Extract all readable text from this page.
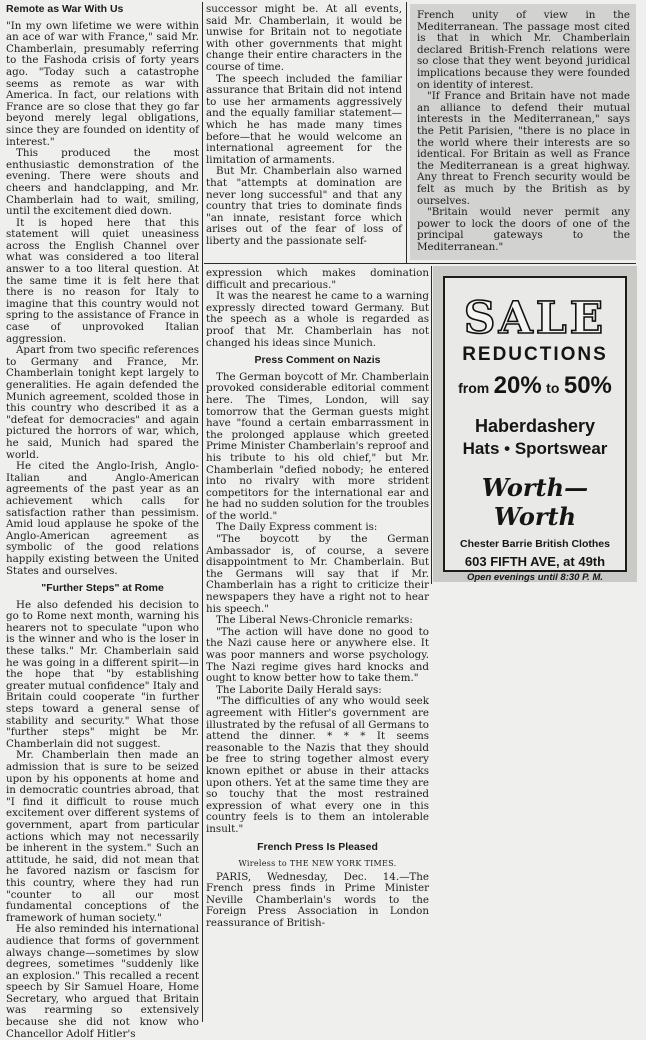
Remote as War With Us

"In my own lifetime we were within an ace of war with France," said Mr. Chamberlain, presumably referring to the Fashoda crisis of forty years ago. "Today such a catastrophe seems as remote as war with America. In fact, our relations with France are so close that they go far beyond merely legal obligations, since they are founded on identity of interest."

This produced the most enthusiastic demonstration of the evening. There were shouts and cheers and handclapping, and Mr. Chamberlain had to wait, smiling, until the excitement died down.

It is hoped here that this statement will quiet uneasiness across the English Channel over what was considered a too literal answer to a too literal question. At the same time it is felt here that there is no reason for Italy to imagine that this country would not spring to the assistance of France in case of unprovoked Italian aggression.

Apart from two specific references to Germany and France, Mr. Chamberlain tonight kept largely to generalities. He again defended the Munich agreement, scolded those in this country who described it as a "defeat for democracies" and again pictured the horrors of war, which, he said, Munich had spared the world.

He cited the Anglo-Irish, Anglo-Italian and Anglo-American agreements of the past year as an achievement which calls for satisfaction rather than pessimism. Amid loud applause he spoke of the Anglo-American agreement as symbolic of the good relations happily existing between the United States and ourselves.

"Further Steps" at Rome

He also defended his decision to go to Rome next month, warning his hearers not to speculate "upon who is the winner and who is the loser in these talks." Mr. Chamberlain said he was going in a different spirit—in the hope that "by establishing greater mutual confidence" Italy and Britain could cooperate "in further steps toward a general sense of stability and security." What those "further steps" might be Mr. Chamberlain did not suggest.

Mr. Chamberlain then made an admission that is sure to be seized upon by his opponents at home and in democratic countries abroad, that "I find it difficult to rouse much excitement over different systems of government, apart from particular actions which may not necessarily be inherent in the system." Such an attitude, he said, did not mean that he favored nazism or fascism for this country, where they had run "counter to all our most fundamental conceptions of the framework of human society."

He also reminded his international audience that forms of government always change—sometimes by slow degrees, sometimes "suddenly like an explosion." This recalled a recent speech by Sir Samuel Hoare, Home Secretary, who argued that Britain was rearming so extensively because she did not know who Chancellor Adolf Hitler's

successor might be. At all events, said Mr. Chamberlain, it would be unwise for Britain not to negotiate with other governments that might change their entire characters in the course of time.

The speech included the familiar assurance that Britain did not intend to use her armaments aggressively and the equally familiar statement—which he has made many times before—that he would welcome an international agreement for the limitation of armaments.

But Mr. Chamberlain also warned that "attempts at domination are never long successful" and that any country that tries to dominate finds "an innate, resistant force which arises out of the fear of loss of liberty and the passionate self-

French unity of view in the Mediterranean. The passage most cited is that in which Mr. Chamberlain declared British-French relations were so close that they went beyond juridical implications because they were founded on identity of interest.

"If France and Britain have not made an alliance to defend their mutual interests in the Mediterranean," says the Petit Parisien, "there is no place in the world where their interests are so identical. For Britain as well as France the Mediterranean is a great highway. Any threat to French security would be felt as much by the British as by ourselves.

"Britain would never permit any power to lock the doors of one of the principal gateways to the Mediterranean."

expression which makes domination difficult and precarious."

It was the nearest he came to a warning expressly directed toward Germany. But the speech as a whole is regarded as proof that Mr. Chamberlain has not changed his ideas since Munich.

Press Comment on Nazis

The German boycott of Mr. Chamberlain provoked considerable editorial comment here. The Times, London, will say tomorrow that the German guests might have "found a certain embarrassment in the prolonged applause which greeted Prime Minister Chamberlain's reproof and his tribute to his old chief," but Mr. Chamberlain "defied nobody; he entered into no rivalry with more strident competitors for the international ear and he had no sudden solution for the troubles of the world."

The Daily Express comment is:

"The boycott by the German Ambassador is, of course, a severe disappointment to Mr. Chamberlain. But the Germans will say that if Mr. Chamberlain has a right to criticize their newspapers they have a right not to hear his speech."

The Liberal News-Chronicle remarks:

"The action will have done no good to the Nazi cause here or anywhere else. It was poor manners and worse psychology. The Nazi regime gives hard knocks and ought to know better how to take them."

The Laborite Daily Herald says:

"The difficulties of any who would seek agreement with Hitler's government are illustrated by the refusal of all Germans to attend the dinner. * * * It seems reasonable to the Nazis that they should be free to string together almost every known epithet or abuse in their attacks upon others. Yet at the same time they are so touchy that the most restrained expression of what every one in this country feels is to them an intolerable insult."

French Press Is Pleased
Wireless to THE NEW YORK TIMES.

PARIS, Wednesday, Dec. 14.—The French press finds in Prime Minister Neville Chamberlain's words to the Foreign Press Association in London reassurance of British-

SALE
REDUCTIONS
from 20% to 50%
Haberdashery
Hats • Sportswear
Worth—Worth
Chester Barrie British Clothes
603 FIFTH AVE, at 49th
Open evenings until 8:30 P. M.
